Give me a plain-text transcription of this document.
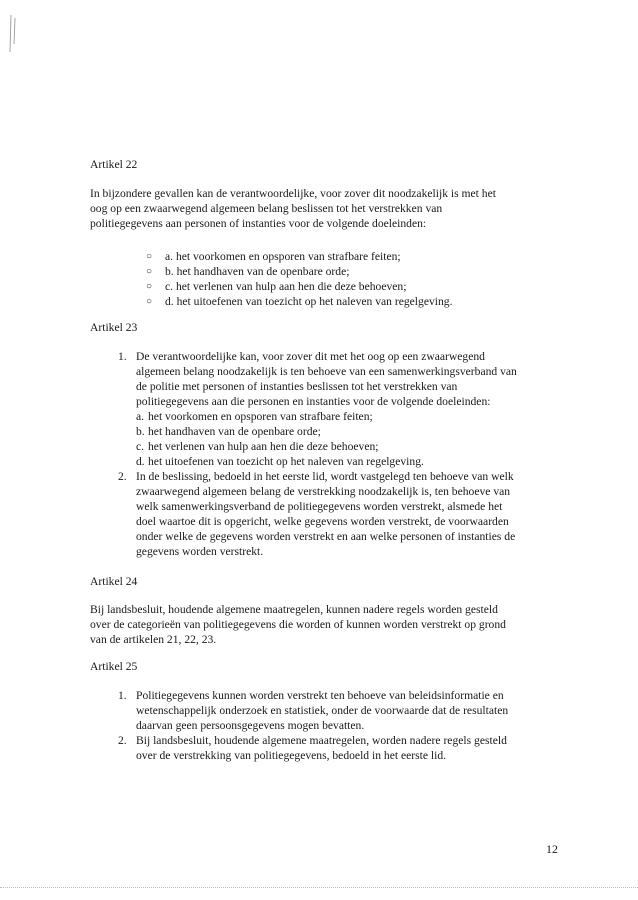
Artikel 22
In bijzondere gevallen kan de verantwoordelijke, voor zover dit noodzakelijk is met het
oog op een zwaarwegend algemeen belang beslissen tot het verstrekken van
politiegegevens aan personen of instanties voor de volgende doeleinden:
○ a. het voorkomen en opsporen van strafbare feiten;
○ b. het handhaven van de openbare orde;
○ c. het verlenen van hulp aan hen die deze behoeven;
○ d. het uitoefenen van toezicht op het naleven van regelgeving.
Artikel 23
1. De verantwoordelijke kan, voor zover dit met het oog op een zwaarwegend
algemeen belang noodzakelijk is ten behoeve van een samenwerkingsverband van
de politie met personen of instanties beslissen tot het verstrekken van
politiegegevens aan die personen en instanties voor de volgende doeleinden:
a. het voorkomen en opsporen van strafbare feiten;
b. het handhaven van de openbare orde;
c. het verlenen van hulp aan hen die deze behoeven;
d. het uitoefenen van toezicht op het naleven van regelgeving.
2. In de beslissing, bedoeld in het eerste lid, wordt vastgelegd ten behoeve van welk
zwaarwegend algemeen belang de verstrekking noodzakelijk is, ten behoeve van
welk samenwerkingsverband de politiegegevens worden verstrekt, alsmede het
doel waartoe dit is opgericht, welke gegevens worden verstrekt, de voorwaarden
onder welke de gegevens worden verstrekt en aan welke personen of instanties de
gegevens worden verstrekt.
Artikel 24
Bij landsbesluit, houdende algemene maatregelen, kunnen nadere regels worden gesteld
over de categorieën van politiegegevens die worden of kunnen worden verstrekt op grond
van de artikelen 21, 22, 23.
Artikel 25
1. Politiegegevens kunnen worden verstrekt ten behoeve van beleidsinformatie en
wetenschappelijk onderzoek en statistiek, onder de voorwaarde dat de resultaten
daarvan geen persoonsgegevens mogen bevatten.
2. Bij landsbesluit, houdende algemene maatregelen, worden nadere regels gesteld
over de verstrekking van politiegegevens, bedoeld in het eerste lid.
12
